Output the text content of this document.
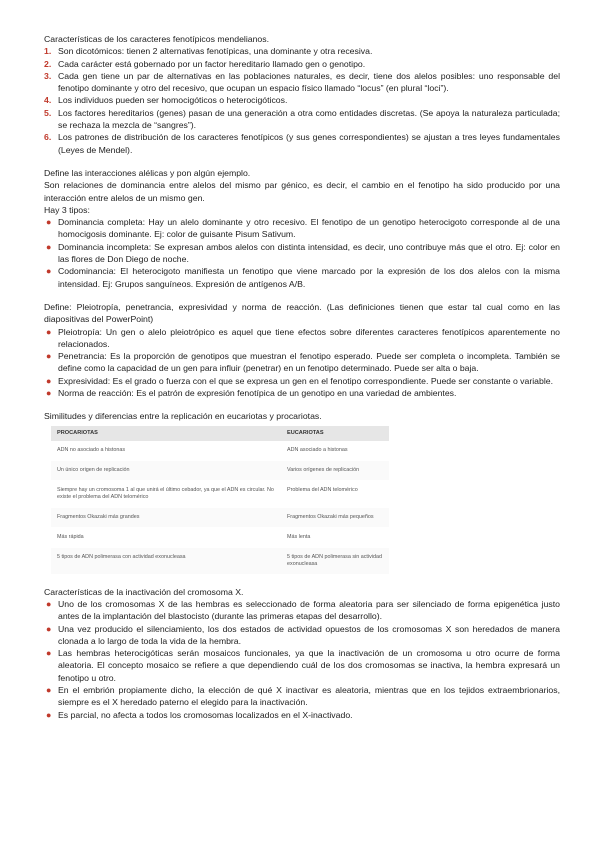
Características de los caracteres fenotípicos mendelianos.

1. Son dicotómicos: tienen 2 alternativas fenotípicas, una dominante y otra recesiva.
2. Cada carácter está gobernado por un factor hereditario llamado gen o genotipo.
3. Cada gen tiene un par de alternativas en las poblaciones naturales, es decir, tiene dos alelos posibles: uno responsable del fenotipo dominante y otro del recesivo, que ocupan un espacio físico llamado “locus” (en plural “loci”).
4. Los individuos pueden ser homocigóticos o heterocigóticos.
5. Los factores hereditarios (genes) pasan de una generación a otra como entidades discretas. (Se apoya la naturaleza particulada; se rechaza la mezcla de “sangres”).
6. Los patrones de distribución de los caracteres fenotípicos (y sus genes correspondientes) se ajustan a tres leyes fundamentales (Leyes de Mendel).

Define las interacciones alélicas y pon algún ejemplo.

Son relaciones de dominancia entre alelos del mismo par génico, es decir, el cambio en el fenotipo ha sido producido por una interacción entre alelos de un mismo gen.

Hay 3 tipos:

● Dominancia completa: Hay un alelo dominante y otro recesivo. El fenotipo de un genotipo heterocigoto corresponde al de una homocigosis dominante. Ej: color de guisante Pisum Sativum.
● Dominancia incompleta: Se expresan ambos alelos con distinta intensidad, es decir, uno contribuye más que el otro. Ej: color en las flores de Don Diego de noche.
● Codominancia: El heterocigoto manifiesta un fenotipo que viene marcado por la expresión de los dos alelos con la misma intensidad. Ej: Grupos sanguíneos. Expresión de antígenos A/B.

Define: Pleiotropía, penetrancia, expresividad y norma de reacción. (Las definiciones tienen que estar tal cual como en las diapositivas del PowerPoint)

● Pleiotropía: Un gen o alelo pleiotrópico es aquel que tiene efectos sobre diferentes caracteres fenotípicos aparentemente no relacionados.
● Penetrancia: Es la proporción de genotipos que muestran el fenotipo esperado. Puede ser completa o incompleta. También se define como la capacidad de un gen para influir (penetrar) en un fenotipo determinado. Puede ser alta o baja.
● Expresividad: Es el grado o fuerza con el que se expresa un gen en el fenotipo correspondiente. Puede ser constante o variable.
● Norma de reacción: Es el patrón de expresión fenotípica de un genotipo en una variedad de ambientes.

Similitudes y diferencias entre la replicación en eucariotas y procariotas.

PROCARIOTAS	EUCARIOTAS
ADN no asociado a histonas	ADN asociado a histonas
Un único origen de replicación	Varios orígenes de replicación
Siempre hay un cromosoma 1 al que unirá el último cebador, ya que el ADN es circular. No existe el problema del ADN telomérico	Problema del ADN telomérico
Fragmentos Okazaki más grandes	Fragmentos Okazaki más pequeños
Más rápida	Más lenta
5 tipos de ADN polimerasa con actividad exonucleasa	5 tipos de ADN polimerasa sin actividad exonucleasa

Características de la inactivación del cromosoma X.

● Uno de los cromosomas X de las hembras es seleccionado de forma aleatoria para ser silenciado de forma epigenética justo antes de la implantación del blastocisto (durante las primeras etapas del desarrollo).
● Una vez producido el silenciamiento, los dos estados de actividad opuestos de los cromosomas X son heredados de manera clonada a lo largo de toda la vida de la hembra.
● Las hembras heterocigóticas serán mosaicos funcionales, ya que la inactivación de un cromosoma u otro ocurre de forma aleatoria. El concepto mosaico se refiere a que dependiendo cuál de los dos cromosomas se inactiva, la hembra expresará un fenotipo u otro.
● En el embrión propiamente dicho, la elección de qué X inactivar es aleatoria, mientras que en los tejidos extraembrionarios, siempre es el X heredado paterno el elegido para la inactivación.
● Es parcial, no afecta a todos los cromosomas localizados en el X-inactivado.
